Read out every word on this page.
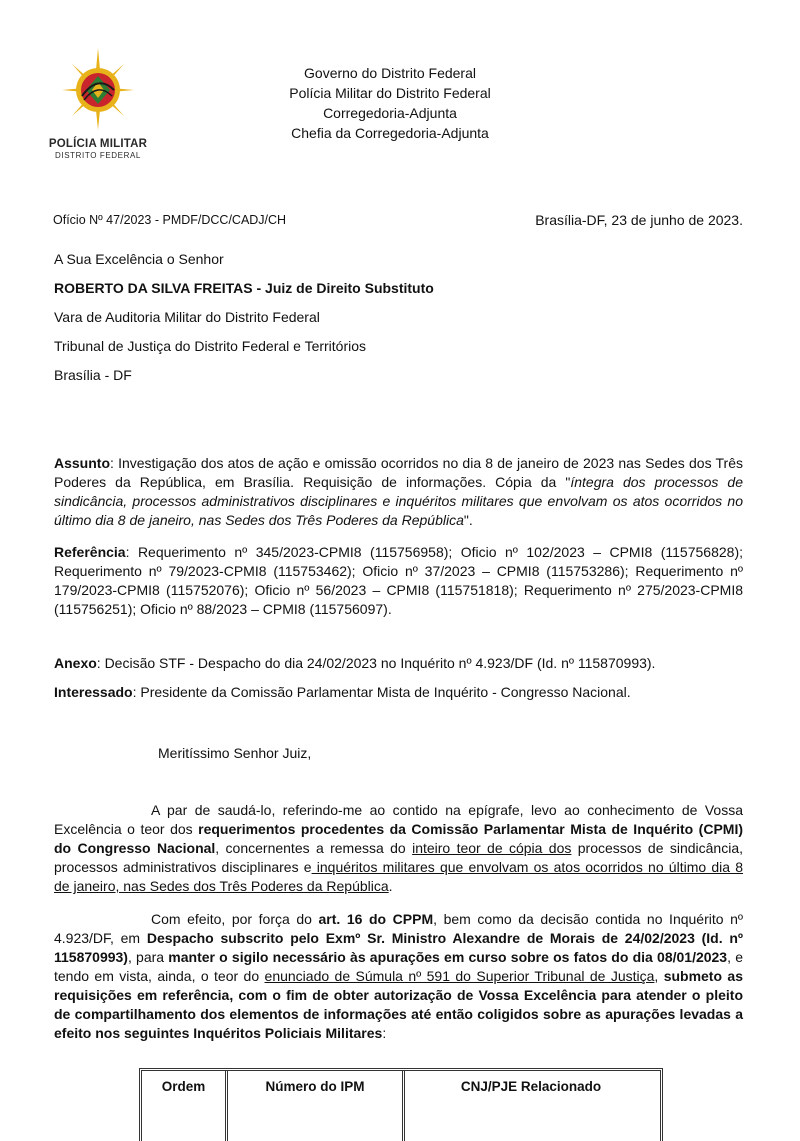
POLÍCIA MILITAR
DISTRITO FEDERAL
Governo do Distrito Federal
Polícia Militar do Distrito Federal
Corregedoria-Adjunta
Chefia da Corregedoria-Adjunta
Ofício Nº 47/2023 - PMDF/DCC/CADJ/CH	Brasília-DF, 23 de junho de 2023.
A Sua Excelência o Senhor
ROBERTO DA SILVA FREITAS - Juiz de Direito Substituto
Vara de Auditoria Militar do Distrito Federal
Tribunal de Justiça do Distrito Federal e Territórios
Brasília - DF
Assunto: Investigação dos atos de ação e omissão ocorridos no dia 8 de janeiro de 2023 nas Sedes dos Três Poderes da República, em Brasília. Requisição de informações. Cópia da "íntegra dos processos de sindicância, processos administrativos disciplinares e inquéritos militares que envolvam os atos ocorridos no último dia 8 de janeiro, nas Sedes dos Três Poderes da República".
Referência: Requerimento nº 345/2023-CPMI8 (115756958); Oficio nº 102/2023 – CPMI8 (115756828); Requerimento nº 79/2023-CPMI8 (115753462); Oficio nº 37/2023 – CPMI8 (115753286); Requerimento nº 179/2023-CPMI8 (115752076); Oficio nº 56/2023 – CPMI8 (115751818); Requerimento nº 275/2023-CPMI8 (115756251); Oficio nº 88/2023 – CPMI8 (115756097).
Anexo: Decisão STF - Despacho do dia 24/02/2023 no Inquérito nº 4.923/DF (Id. nº 115870993).
Interessado: Presidente da Comissão Parlamentar Mista de Inquérito - Congresso Nacional.
Meritíssimo Senhor Juiz,
A par de saudá-lo, referindo-me ao contido na epígrafe, levo ao conhecimento de Vossa Excelência o teor dos requerimentos procedentes da Comissão Parlamentar Mista de Inquérito (CPMI) do Congresso Nacional, concernentes a remessa do inteiro teor de cópia dos processos de sindicância, processos administrativos disciplinares e inquéritos militares que envolvam os atos ocorridos no último dia 8 de janeiro, nas Sedes dos Três Poderes da República.
Com efeito, por força do art. 16 do CPPM, bem como da decisão contida no Inquérito nº 4.923/DF, em Despacho subscrito pelo Exmº Sr. Ministro Alexandre de Morais de 24/02/2023 (Id. nº 115870993), para manter o sigilo necessário às apurações em curso sobre os fatos do dia 08/01/2023, e tendo em vista, ainda, o teor do enunciado de Súmula nº 591 do Superior Tribunal de Justiça, submeto as requisições em referência, com o fim de obter autorização de Vossa Excelência para atender o pleito de compartilhamento dos elementos de informações até então coligidos sobre as apurações levadas a efeito nos seguintes Inquéritos Policiais Militares:
Ordem	Número do IPM	CNJ/PJE Relacionado
